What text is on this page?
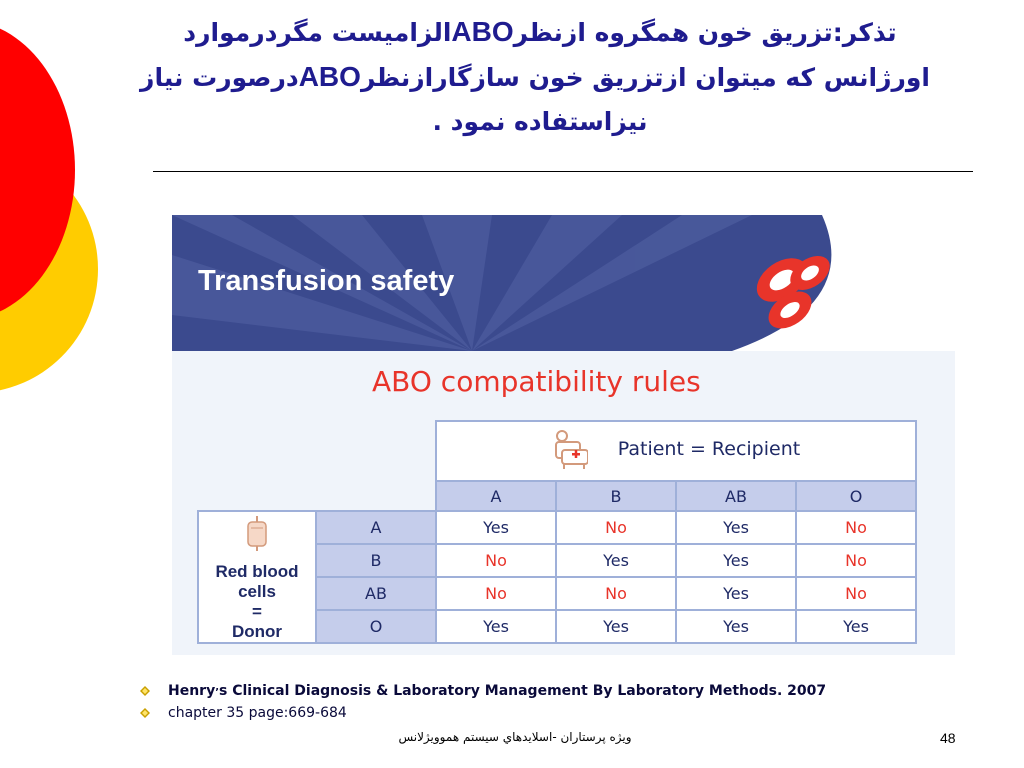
تذکر:تزریق خون همگروه ازنظرABOالزامیست مگردرموارد
اورژانس که میتوان ازتزریق خون سازگارازنظرABOدرصورت نیاز
نیزاستفاده نمود .
Transfusion safety
ABO compatibility rules

		Patient = Recipient			

		A	B	AB	O

Red blood
cells
=
Donor	A	Yes	No	Yes	No
	B	No	Yes	Yes	No
	AB	No	No	Yes	No
	O	Yes	Yes	Yes	Yes
Henry’s Clinical Diagnosis & Laboratory Management By Laboratory Methods. 2007
chapter 35 page:669-684
ويژه پرستاران -اسلايدهاي سيستم هموويژلانس	48
